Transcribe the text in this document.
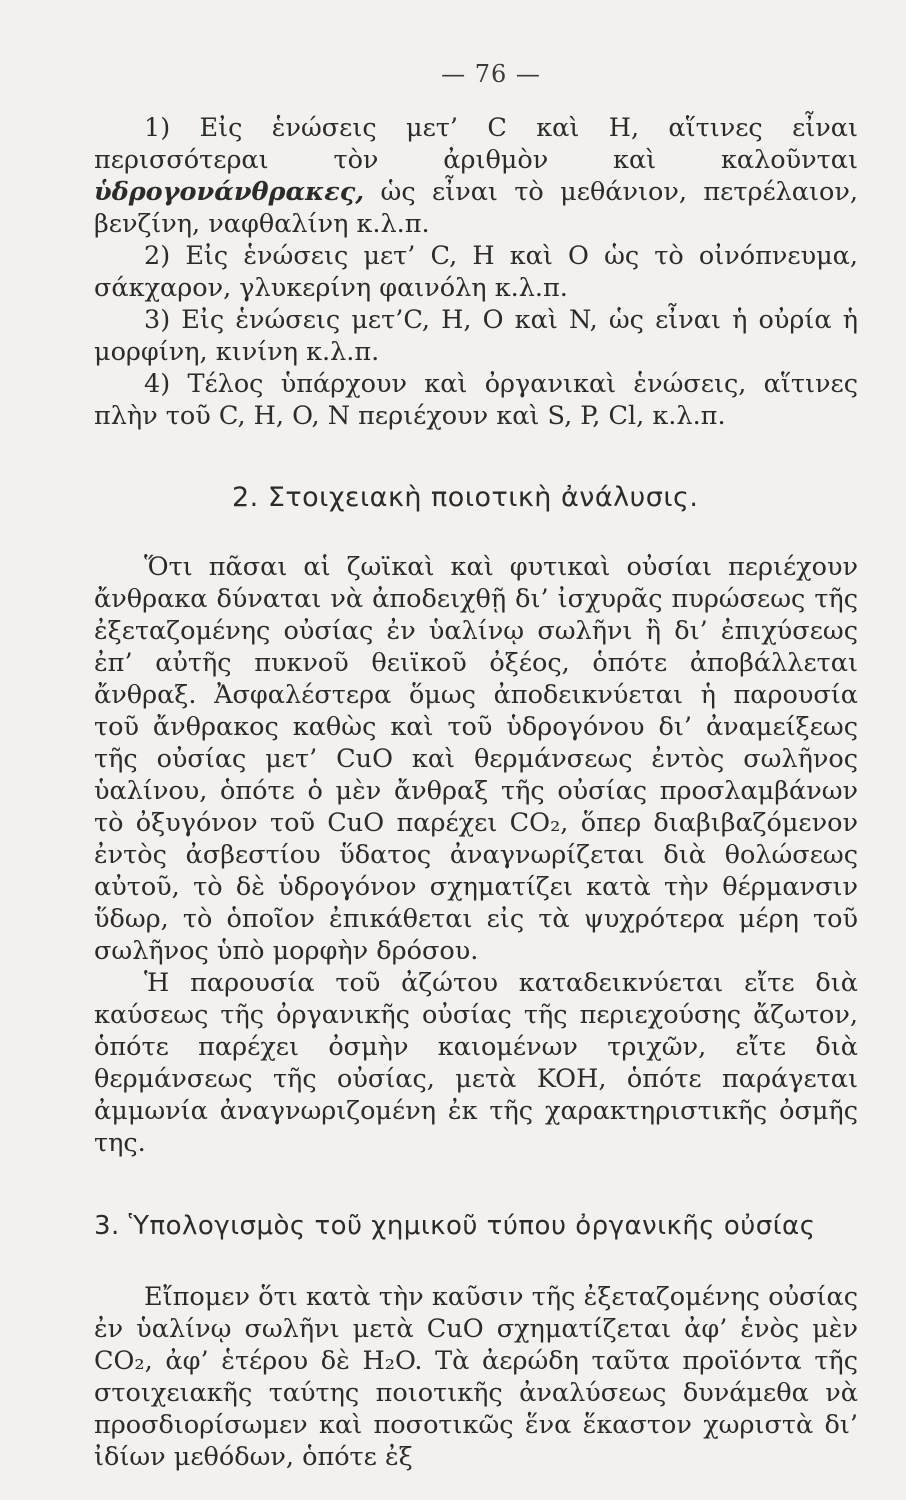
— 76 —

1) Εἰς ἑνώσεις μετ’ C καὶ H, αἵτινες εἶναι περισσότεραι τὸν ἀριθμὸν καὶ καλοῦνται ὑδρογονάνθρακες, ὡς εἶναι τὸ μεθάνιον, πετρέλαιον, βενζίνη, ναφθαλίνη κ.λ.π.

2) Εἰς ἑνώσεις μετ’ C, H καὶ O ὡς τὸ οἰνόπνευμα, σάκχαρον, γλυκερίνη φαινόλη κ.λ.π.

3) Εἰς ἑνώσεις μετ’C, H, O καὶ N, ὡς εἶναι ἡ οὐρία ἡ μορφίνη, κινίνη κ.λ.π.

4) Τέλος ὑπάρχουν καὶ ὀργανικαὶ ἑνώσεις, αἵτινες πλὴν τοῦ C, H, O, N περιέχουν καὶ S, P, Cl, κ.λ.π.

2. Στοιχειακὴ ποιοτικὴ ἀνάλυσις.

Ὅτι πᾶσαι αἱ ζωϊκαὶ καὶ φυτικαὶ οὐσίαι περιέχουν ἄνθρακα δύναται νὰ ἀποδειχθῇ δι’ ἰσχυρᾶς πυρώσεως τῆς ἐξεταζομένης οὐσίας ἐν ὑαλίνῳ σωλῆνι ἢ δι’ ἐπιχύσεως ἐπ’ αὐτῆς πυκνοῦ θειϊκοῦ ὀξέος, ὁπότε ἀποβάλλεται ἄνθραξ. Ἀσφαλέστερα ὅμως ἀποδεικνύεται ἡ παρουσία τοῦ ἄνθρακος καθὼς καὶ τοῦ ὑδρογόνου δι’ ἀναμείξεως τῆς οὐσίας μετ’ CuO καὶ θερμάνσεως ἐντὸς σωλῆνος ὑαλίνου, ὁπότε ὁ μὲν ἄνθραξ τῆς οὐσίας προσλαμβάνων τὸ ὀξυγόνον τοῦ CuO παρέχει CO₂, ὅπερ διαβιβαζόμενον ἐντὸς ἀσβεστίου ὕδατος ἀναγνωρίζεται διὰ θολώσεως αὐτοῦ, τὸ δὲ ὑδρογόνον σχηματίζει κατὰ τὴν θέρμανσιν ὕδωρ, τὸ ὁποῖον ἐπικάθεται εἰς τὰ ψυχρότερα μέρη τοῦ σωλῆνος ὑπὸ μορφὴν δρόσου.

Ἡ παρουσία τοῦ ἀζώτου καταδεικνύεται εἴτε διὰ καύσεως τῆς ὀργανικῆς οὐσίας τῆς περιεχούσης ἄζωτον, ὁπότε παρέχει ὀσμὴν καιομένων τριχῶν, εἴτε διὰ θερμάνσεως τῆς οὐσίας, μετὰ KOH, ὁπότε παράγεται ἀμμωνία ἀναγνωριζομένη ἐκ τῆς χαρακτηριστικῆς ὀσμῆς της.

3. Ὑπολογισμὸς τοῦ χημικοῦ τύπου ὀργανικῆς οὐσίας

Εἴπομεν ὅτι κατὰ τὴν καῦσιν τῆς ἐξεταζομένης οὐσίας ἐν ὑαλίνῳ σωλῆνι μετὰ CuO σχηματίζεται ἀφ’ ἑνὸς μὲν CO₂, ἀφ’ ἑτέρου δὲ H₂O. Τὰ ἀερώδη ταῦτα προϊόντα τῆς στοιχειακῆς ταύτης ποιοτικῆς ἀναλύσεως δυνάμεθα νὰ προσδιορίσωμεν καὶ ποσοτικῶς ἕνα ἕκαστον χωριστὰ δι’ ἰδίων μεθόδων, ὁπότε ἐξ
